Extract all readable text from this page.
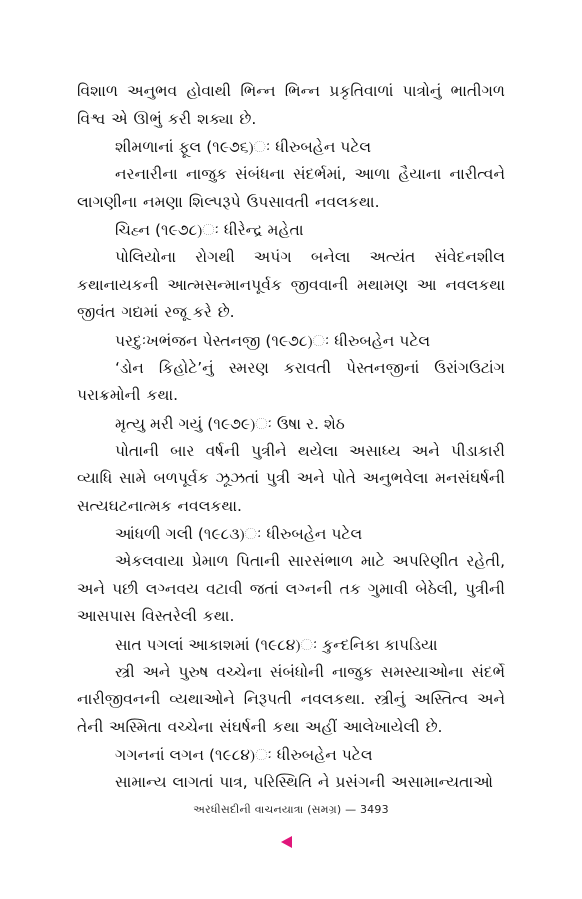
વિશાળ અનુભવ હોવાથી ભિન્ન ભિન્ન પ્રકૃતિવાળાં પાત્રોનું ભાતીગળ વિશ્વ એ ઊભું કરી શક્યા છે.

શીમળાનાં ફૂલ (૧૯૭૬)ઃ ધીરુબહેન પટેલ

નરનારીના નાજુક સંબંધના સંદર્ભમાં, આળા હૈયાના નારીત્વને લાગણીના નમણા શિલ્પરૂપે ઉપસાવતી નવલકથા.

ચિહ્ન (૧૯૭૮)ઃ ધીરેન્દ્ર મહેતા

પોલિયોના રોગથી અપંગ બનેલા અત્યંત સંવેદનશીલ કથાનાયકની આત્મસન્માનપૂર્વક જીવવાની મથામણ આ નવલકથા જીવંત ગદ્યમાં રજૂ કરે છે.

પરદુઃખભંજન પેસ્તનજી (૧૯૭૮)ઃ ધીરુબહેન પટેલ

‘ડોન કિહોટે’નું સ્મરણ કરાવતી પેસ્તનજીનાં ઉરાંગઉટાંગ પરાક્રમોની કથા.

મૃત્યુ મરી ગયું (૧૯૭૯)ઃ ઉષા ર. શેઠ

પોતાની બાર વર્ષની પુત્રીને થયેલા અસાધ્ય અને પીડાકારી વ્યાધિ સામે બળપૂર્વક ઝૂઝતાં પુત્રી અને પોતે અનુભવેલા મનસંઘર્ષની સત્યઘટનાત્મક નવલકથા.

આંધળી ગલી (૧૯૮૩)ઃ ધીરુબહેન પટેલ

એકલવાયા પ્રેમાળ પિતાની સારસંભાળ માટે અપરિણીત રહેતી, અને પછી લગ્નવય વટાવી જતાં લગ્નની તક ગુમાવી બેઠેલી, પુત્રીની આસપાસ વિસ્તરેલી કથા.

સાત પગલાં આકાશમાં (૧૯૮૪)ઃ કુન્દનિકા કાપડિયા

સ્ત્રી અને પુરુષ વચ્ચેના સંબંધોની નાજુક સમસ્યાઓના સંદર્ભે નારીજીવનની વ્યથાઓને નિરૂપતી નવલકથા. સ્ત્રીનું અસ્તિત્વ અને તેની અસ્મિતા વચ્ચેના સંઘર્ષની કથા અહીં આલેખાયેલી છે.

ગગનનાં લગન (૧૯૮૪)ઃ ધીરુબહેન પટેલ

સામાન્ય લાગતાં પાત્ર, પરિસ્થિતિ ને પ્રસંગની અસામાન્યતાઓ

અરધીસદીની વાચનયાત્રા (સમગ્ર) — 3493
